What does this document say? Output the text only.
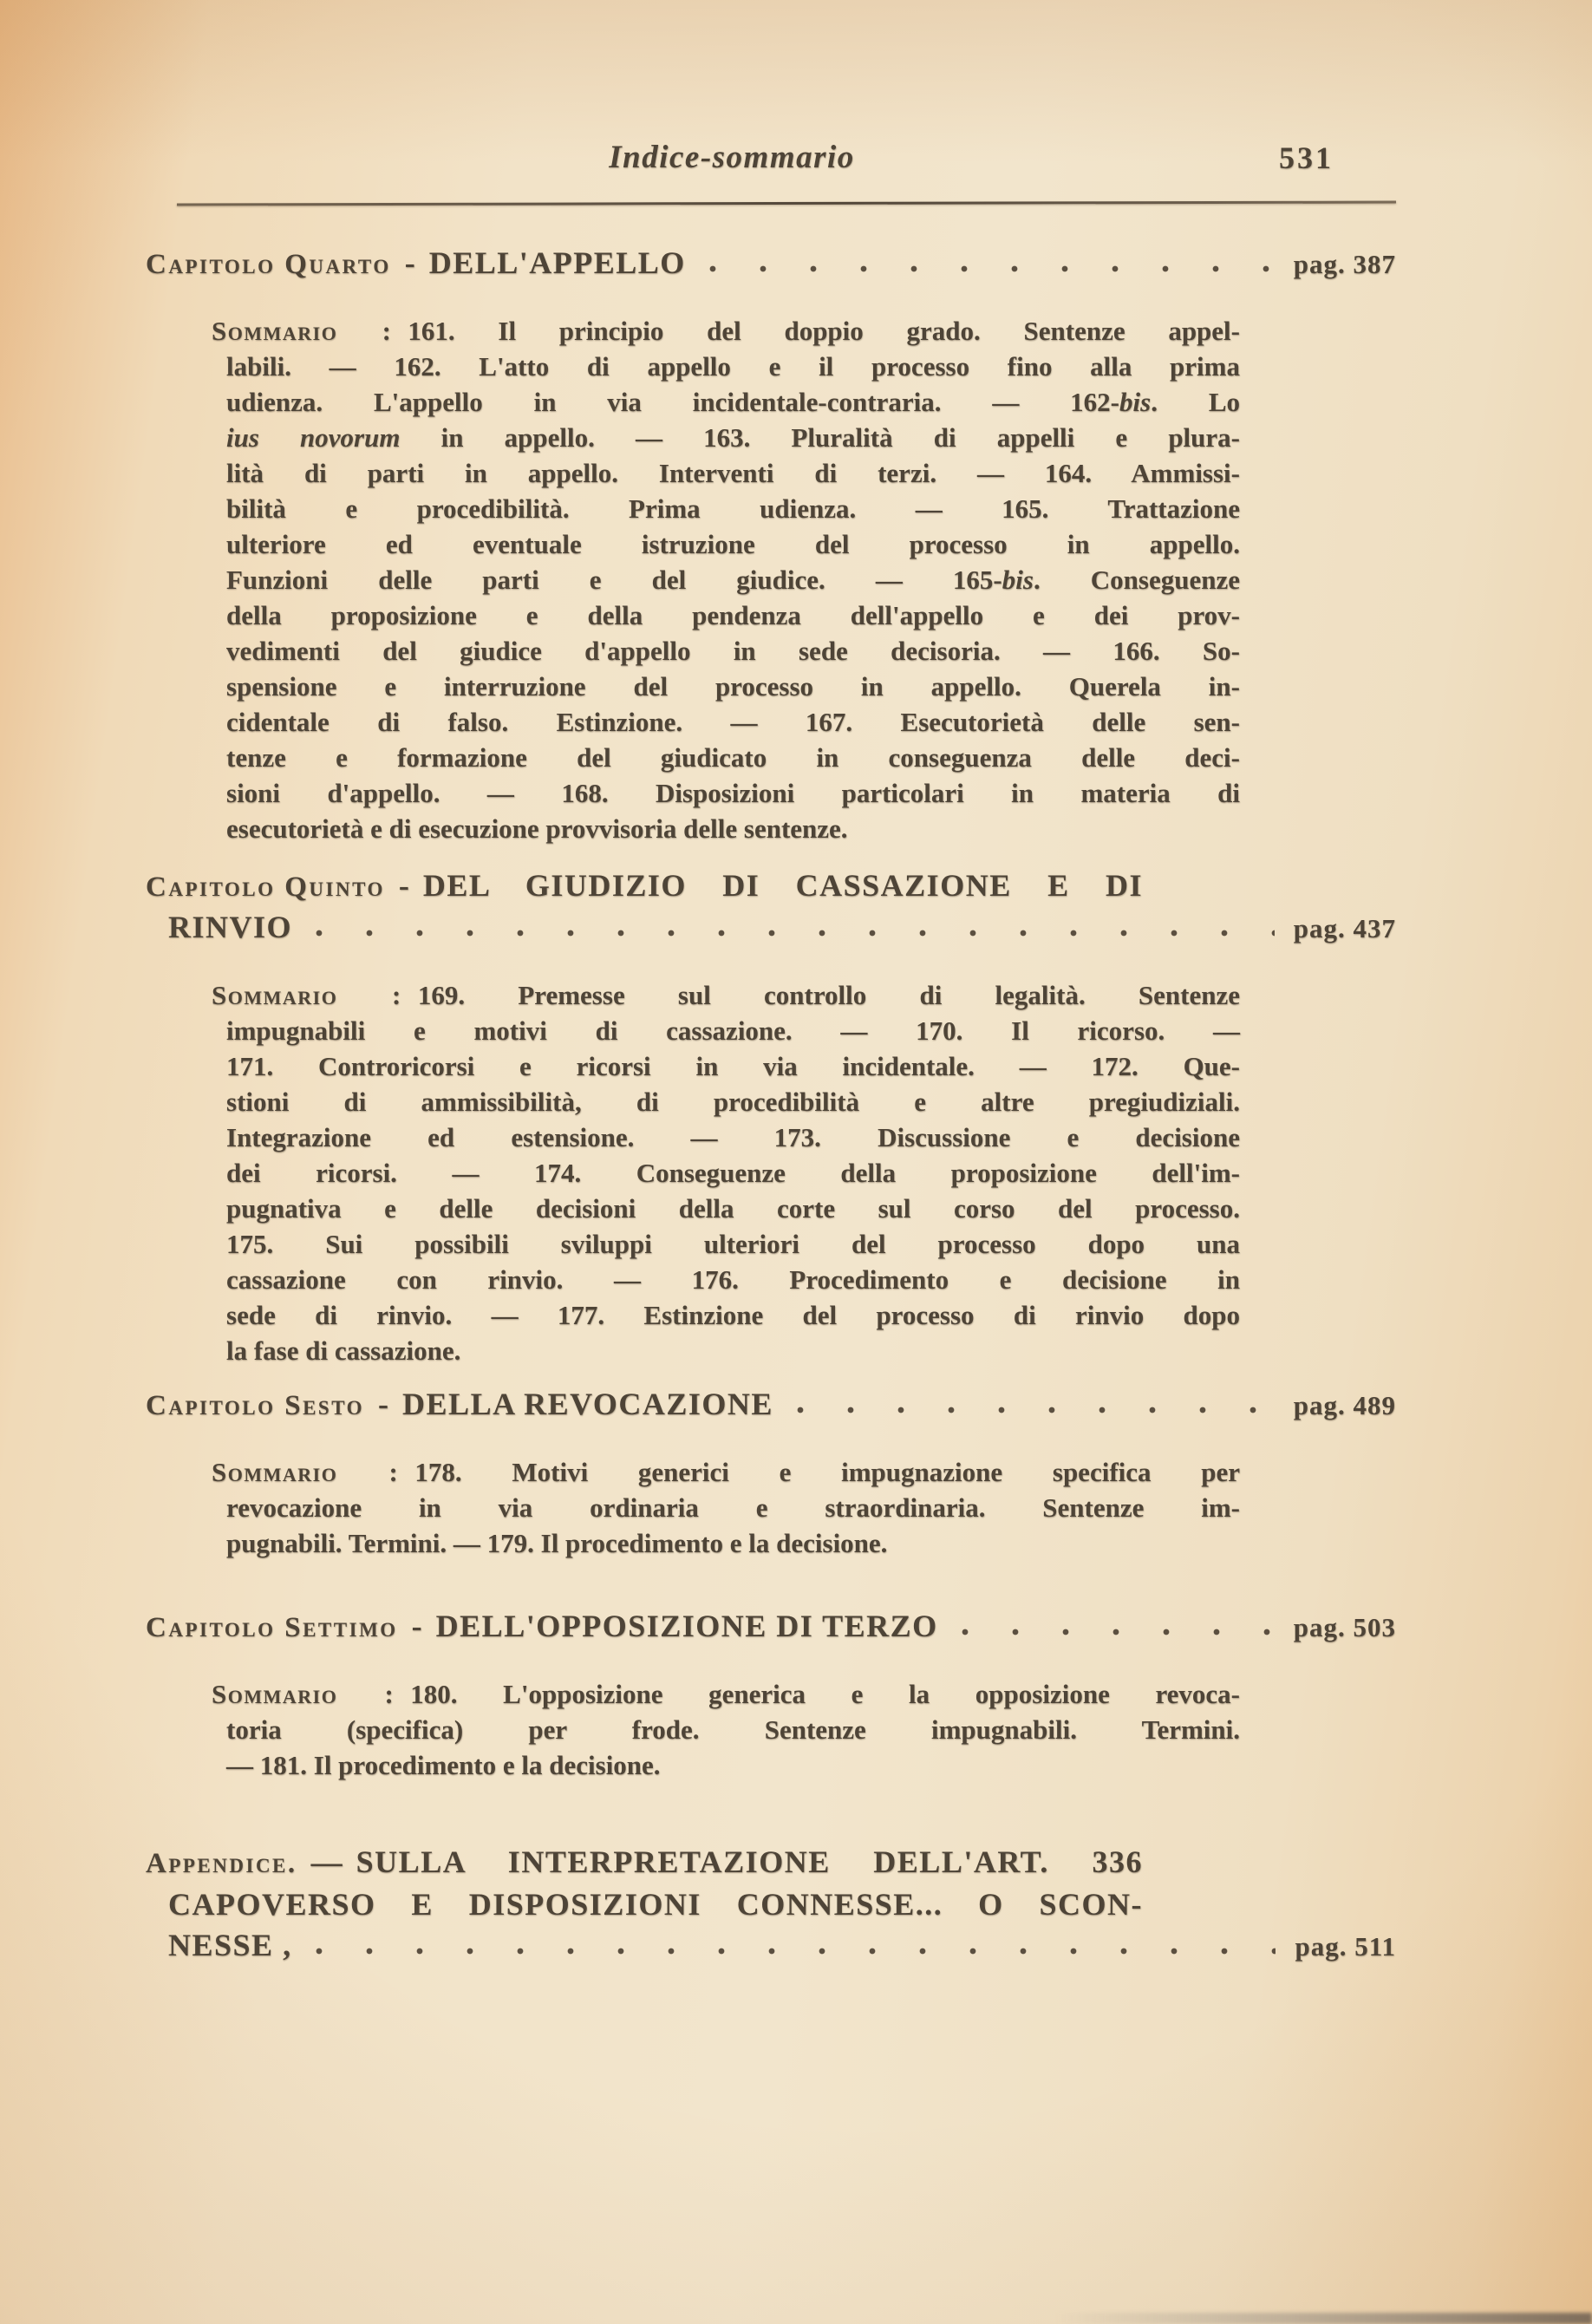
Indice-sommario	531
Capitolo Quarto - DELL'APPELLO	pag. 387
Sommario : 161. Il principio del doppio grado. Sentenze appel-
labili. — 162. L'atto di appello e il processo fino alla prima
udienza. L'appello in via incidentale-contraria. — 162-bis. Lo
ius novorum in appello. — 163. Pluralità di appelli e plura-
lità di parti in appello. Interventi di terzi. — 164. Ammissi-
bilità e procedibilità. Prima udienza. — 165. Trattazione
ulteriore ed eventuale istruzione del processo in appello.
Funzioni delle parti e del giudice. — 165-bis. Conseguenze
della proposizione e della pendenza dell'appello e dei prov-
vedimenti del giudice d'appello in sede decisoria. — 166. So-
spensione e interruzione del processo in appello. Querela in-
cidentale di falso. Estinzione. — 167. Esecutorietà delle sen-
tenze e formazione del giudicato in conseguenza delle deci-
sioni d'appello. — 168. Disposizioni particolari in materia di
esecutorietà e di esecuzione provvisoria delle sentenze.
Capitolo Quinto - DEL GIUDIZIO DI CASSAZIONE E DI
RINVIO	pag. 437
Sommario : 169. Premesse sul controllo di legalità. Sentenze
impugnabili e motivi di cassazione. — 170. Il ricorso. —
171. Controricorsi e ricorsi in via incidentale. — 172. Que-
stioni di ammissibilità, di procedibilità e altre pregiudiziali.
Integrazione ed estensione. — 173. Discussione e decisione
dei ricorsi. — 174. Conseguenze della proposizione dell'im-
pugnativa e delle decisioni della corte sul corso del processo.
175. Sui possibili sviluppi ulteriori del processo dopo una
cassazione con rinvio. — 176. Procedimento e decisione in
sede di rinvio. — 177. Estinzione del processo di rinvio dopo
la fase di cassazione.
Capitolo Sesto - DELLA REVOCAZIONE	pag. 489
Sommario : 178. Motivi generici e impugnazione specifica per
revocazione in via ordinaria e straordinaria. Sentenze im-
pugnabili. Termini. — 179. Il procedimento e la decisione.
Capitolo Settimo - DELL'OPPOSIZIONE DI TERZO	pag. 503
Sommario : 180. L'opposizione generica e la opposizione revoca-
toria (specifica) per frode. Sentenze impugnabili. Termini.
— 181. Il procedimento e la decisione.
Appendice. — SULLA INTERPRETAZIONE DELL'ART. 336
CAPOVERSO E DISPOSIZIONI CONNESSE... O SCON-
NESSE ,	pag. 511
